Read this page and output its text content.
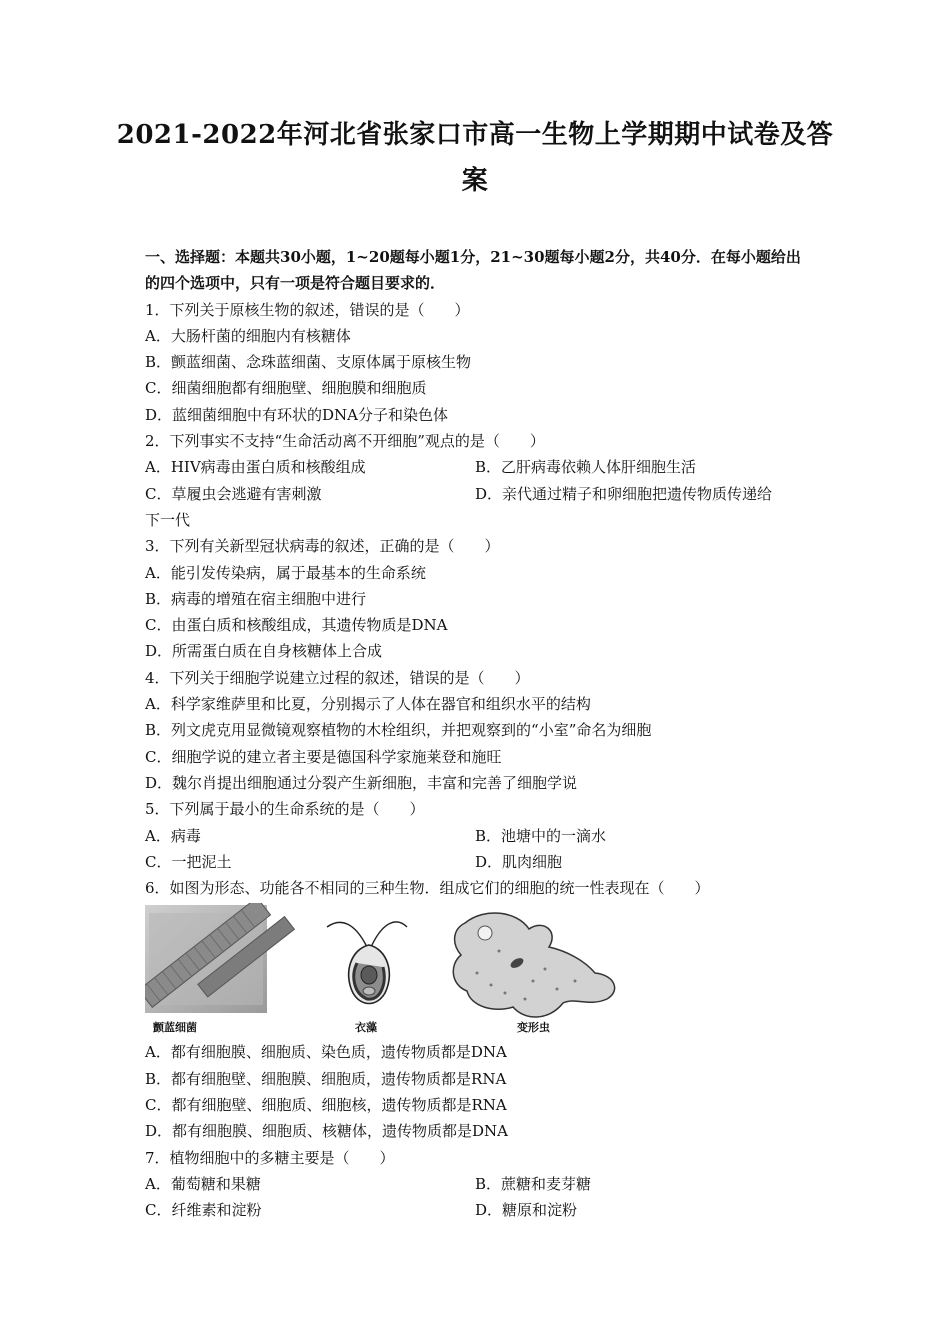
2021-2022年河北省张家口市高一生物上学期期中试卷及答
案
一、选择题：本题共30小题，1~20题每小题1分，21~30题每小题2分，共40分．在每小题给出的四个选项中，只有一项是符合题目要求的．
1．下列关于原核生物的叙述，错误的是（　　）
A．大肠杆菌的细胞内有核糖体
B．颤蓝细菌、念珠蓝细菌、支原体属于原核生物
C．细菌细胞都有细胞壁、细胞膜和细胞质
D．蓝细菌细胞中有环状的DNA分子和染色体
2．下列事实不支持“生命活动离不开细胞”观点的是（　　）
A．HIV病毒由蛋白质和核酸组成	B．乙肝病毒依赖人体肝细胞生活
C．草履虫会逃避有害刺激	D．亲代通过精子和卵细胞把遗传物质传递给
下一代
3．下列有关新型冠状病毒的叙述，正确的是（　　）
A．能引发传染病，属于最基本的生命系统
B．病毒的增殖在宿主细胞中进行
C．由蛋白质和核酸组成，其遗传物质是DNA
D．所需蛋白质在自身核糖体上合成
4．下列关于细胞学说建立过程的叙述，错误的是（　　）
A．科学家维萨里和比夏，分别揭示了人体在器官和组织水平的结构
B．列文虎克用显微镜观察植物的木栓组织，并把观察到的“小室”命名为细胞
C．细胞学说的建立者主要是德国科学家施莱登和施旺
D．魏尔肖提出细胞通过分裂产生新细胞，丰富和完善了细胞学说
5．下列属于最小的生命系统的是（　　）
A．病毒	B．池塘中的一滴水
C．一把泥土	D．肌肉细胞
6．如图为形态、功能各不相同的三种生物．组成它们的细胞的统一性表现在（　　）
颤蓝细菌	衣藻	变形虫
A．都有细胞膜、细胞质、染色质，遗传物质都是DNA
B．都有细胞壁、细胞膜、细胞质，遗传物质都是RNA
C．都有细胞壁、细胞质、细胞核，遗传物质都是RNA
D．都有细胞膜、细胞质、核糖体，遗传物质都是DNA
7．植物细胞中的多糖主要是（　　）
A．葡萄糖和果糖	B．蔗糖和麦芽糖
C．纤维素和淀粉	D．糖原和淀粉
